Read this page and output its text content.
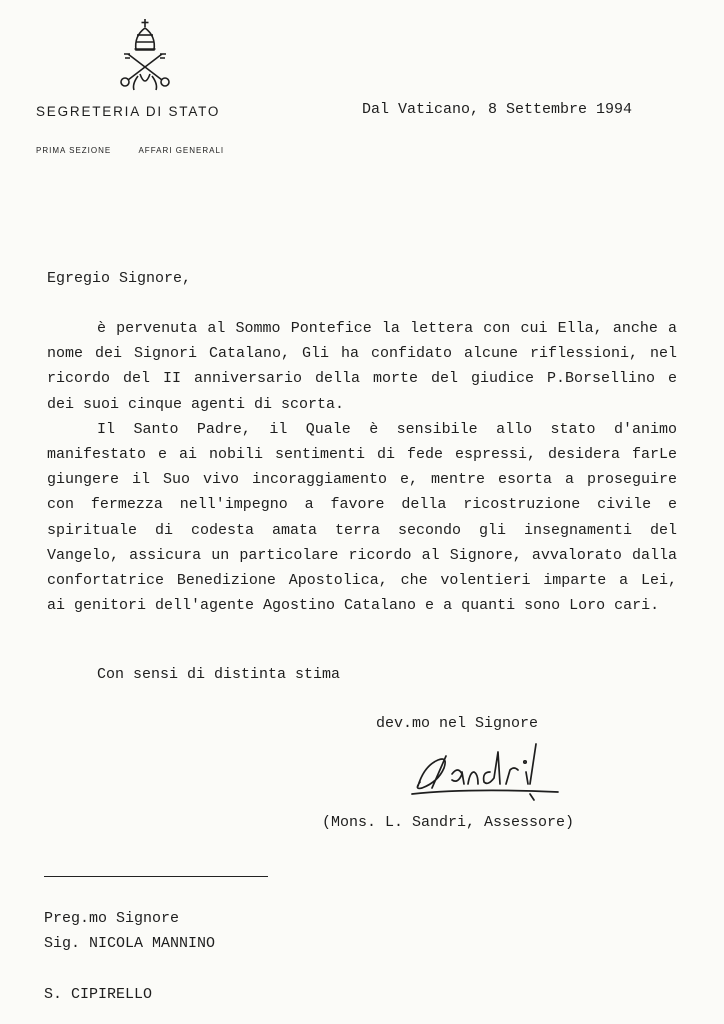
SEGRETERIA DI STATO
PRIMA SEZIONE	AFFARI GENERALI
Dal Vaticano, 8 Settembre 1994
Egregio Signore,

è pervenuta al Sommo Pontefice la lettera con cui Ella, anche a nome dei Signori Catalano, Gli ha confidato alcune riflessioni, nel ricordo del II anniversario della morte del giudice P.Borsellino e dei suoi cinque agenti di scorta.

Il Santo Padre, il Quale è sensibile allo stato d'animo manifestato e ai nobili sentimenti di fede espressi, desidera farLe giungere il Suo vivo incoraggiamento e, mentre esorta a proseguire con fermezza nell'impegno a favore della ricostruzione civile e spirituale di codesta amata terra secondo gli insegnamenti del Vangelo, assicura un particolare ricordo al Signore, avvalorato dalla confortatrice Benedizione Apostolica, che volentieri imparte a Lei, ai genitori dell'agente Agostino Catalano e a quanti sono Loro cari.

Con sensi di distinta stima
dev.mo nel Signore
(Mons. L. Sandri, Assessore)
Preg.mo Signore
Sig. NICOLA MANNINO
S. CIPIRELLO
